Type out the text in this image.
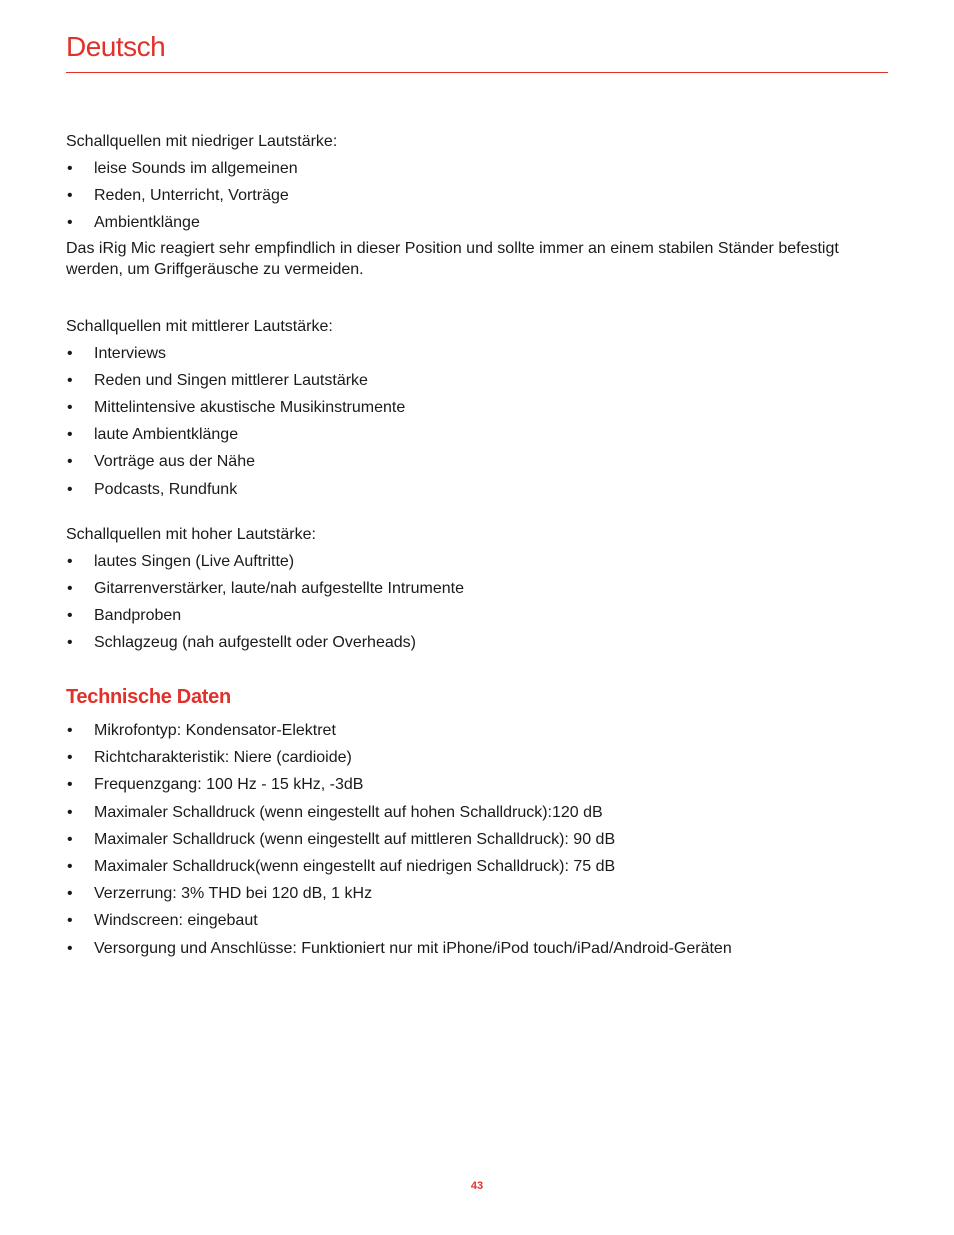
Deutsch

Schallquellen mit niedriger Lautstärke:

• leise Sounds im allgemeinen
• Reden, Unterricht, Vorträge
• Ambientklänge

Das iRig Mic reagiert sehr empfindlich in dieser Position und sollte immer an einem stabilen Ständer befestigt werden, um Griffgeräusche zu vermeiden.

Schallquellen mit mittlerer Lautstärke:

• Interviews
• Reden und Singen mittlerer Lautstärke
• Mittelintensive akustische Musikinstrumente
• laute Ambientklänge
• Vorträge aus der Nähe
• Podcasts, Rundfunk

Schallquellen mit hoher Lautstärke:

• lautes Singen (Live Auftritte)
• Gitarrenverstärker, laute/nah aufgestellte Intrumente
• Bandproben
• Schlagzeug (nah aufgestellt oder Overheads)
Technische Daten
• Mikrofontyp: Kondensator-Elektret
• Richtcharakteristik: Niere (cardioide)
• Frequenzgang: 100 Hz - 15 kHz, -3dB
• Maximaler Schalldruck (wenn eingestellt auf hohen Schalldruck):120 dB
• Maximaler Schalldruck (wenn eingestellt auf mittleren Schalldruck): 90 dB
• Maximaler Schalldruck(wenn eingestellt auf niedrigen Schalldruck): 75 dB
• Verzerrung: 3% THD bei 120 dB, 1 kHz
• Windscreen: eingebaut
• Versorgung und Anschlüsse: Funktioniert nur mit iPhone/iPod touch/iPad/Android-Geräten
43
